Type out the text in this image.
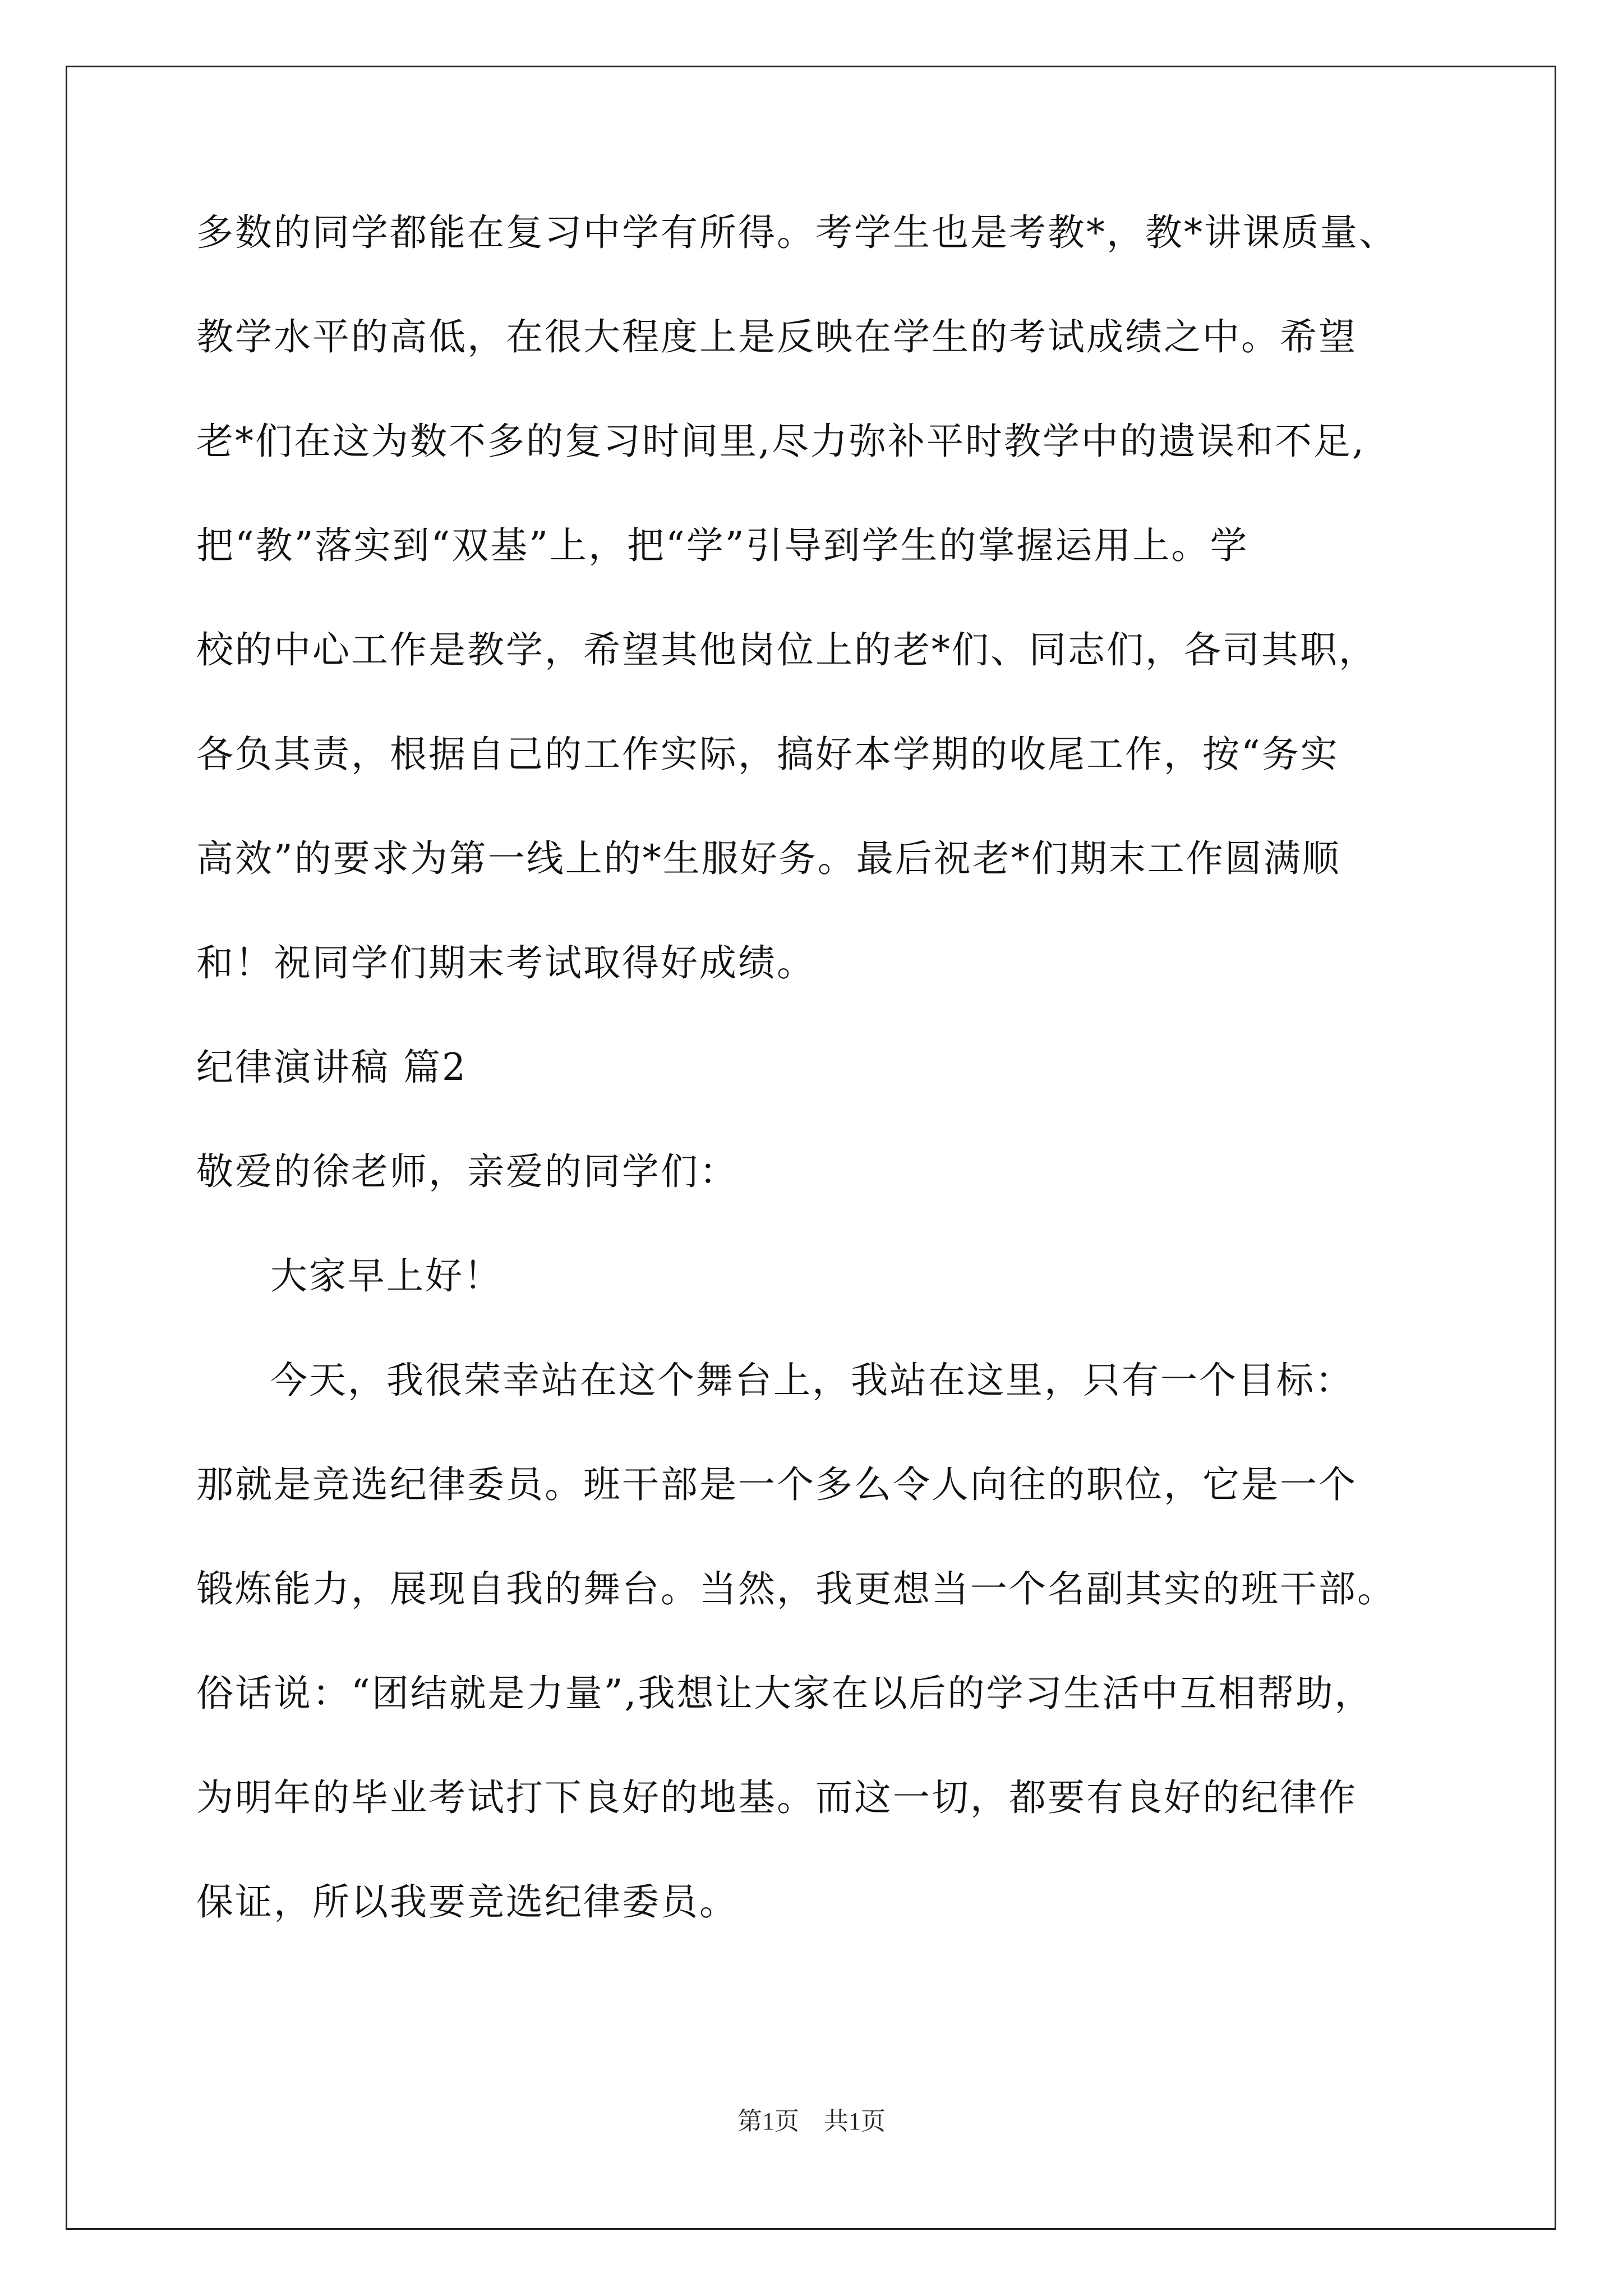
多数的同学都能在复习中学有所得。考学生也是考教*，教*讲课质量、
教学水平的高低，在很大程度上是反映在学生的考试成绩之中。希望
老*们在这为数不多的复习时间里,尽力弥补平时教学中的遗误和不足,
把“教”落实到“双基”上，把“学”引导到学生的掌握运用上。学
校的中心工作是教学，希望其他岗位上的老*们、同志们，各司其职，
各负其责，根据自己的工作实际，搞好本学期的收尾工作，按“务实
高效”的要求为第一线上的*生服好务。最后祝老*们期末工作圆满顺
和！祝同学们期末考试取得好成绩。
纪律演讲稿 篇2
敬爱的徐老师，亲爱的同学们：
大家早上好！
今天，我很荣幸站在这个舞台上，我站在这里，只有一个目标：
那就是竞选纪律委员。班干部是一个多么令人向往的职位，它是一个
锻炼能力，展现自我的舞台。当然，我更想当一个名副其实的班干部。
俗话说：“团结就是力量”,我想让大家在以后的学习生活中互相帮助，
为明年的毕业考试打下良好的地基。而这一切，都要有良好的纪律作
保证，所以我要竞选纪律委员。
第1页　共1页
